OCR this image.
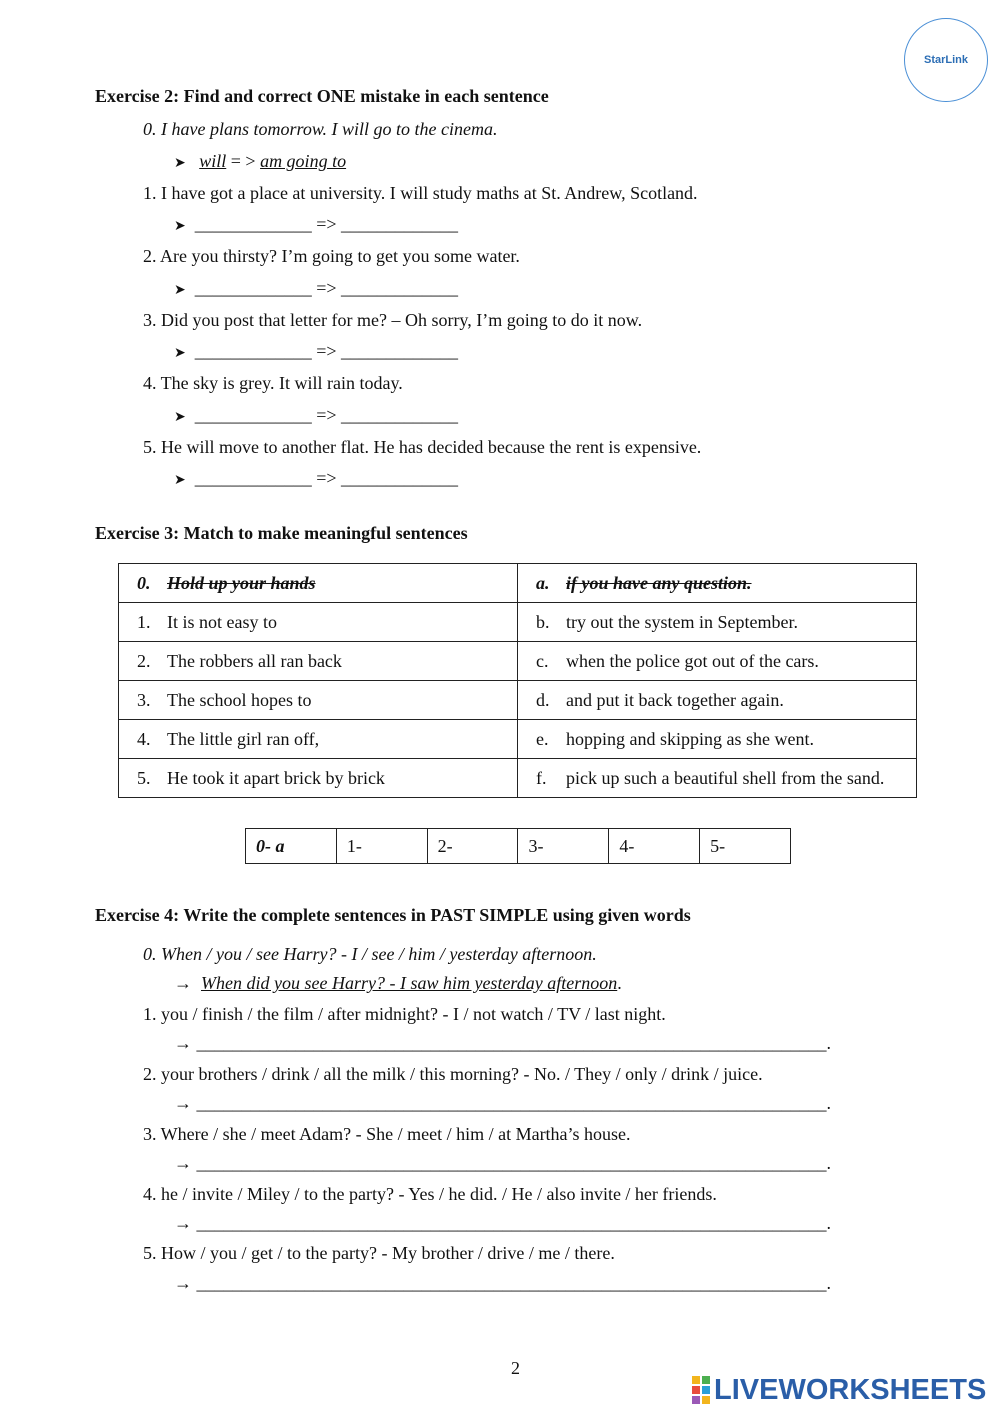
StarLink
Exercise 2: Find and correct ONE mistake in each sentence
0. I have plans tomorrow. I will go to the cinema.
➤ will = > am going to
1. I have got a place at university. I will study maths at St. Andrew, Scotland.
➤ _____________ => _____________
2. Are you thirsty? I’m going to get you some water.
➤ _____________ => _____________
3. Did you post that letter for me? – Oh sorry, I’m going to do it now.
➤ _____________ => _____________
4. The sky is grey. It will rain today.
➤ _____________ => _____________
5. He will move to another flat. He has decided because the rent is expensive.
➤ _____________ => _____________
Exercise 3: Match to make meaningful sentences
0. Hold up your hands	a. if you have any question.
1. It is not easy to	b. try out the system in September.
2. The robbers all ran back	c. when the police got out of the cars.
3. The school hopes to	d. and put it back together again.
4. The little girl ran off,	e. hopping and skipping as she went.
5. He took it apart brick by brick	f. pick up such a beautiful shell from the sand.
0- a	1-	2-	3-	4-	5-
Exercise 4: Write the complete sentences in PAST SIMPLE using given words
0. When / you / see Harry? - I / see / him / yesterday afternoon.
→ When did you see Harry? - I saw him yesterday afternoon.
1. you / finish / the film / after midnight? - I / not watch / TV / last night.
→ ______________________________________________________________________.
2. your brothers / drink / all the milk / this morning? - No. / They / only / drink / juice.
→ ______________________________________________________________________.
3. Where / she / meet Adam? - She / meet / him / at Martha’s house.
→ ______________________________________________________________________.
4. he / invite / Miley / to the party? - Yes / he did. / He / also invite / her friends.
→ ______________________________________________________________________.
5. How / you / get / to the party? - My brother / drive / me / there.
→ ______________________________________________________________________.
2
LIVEWORKSHEETS
